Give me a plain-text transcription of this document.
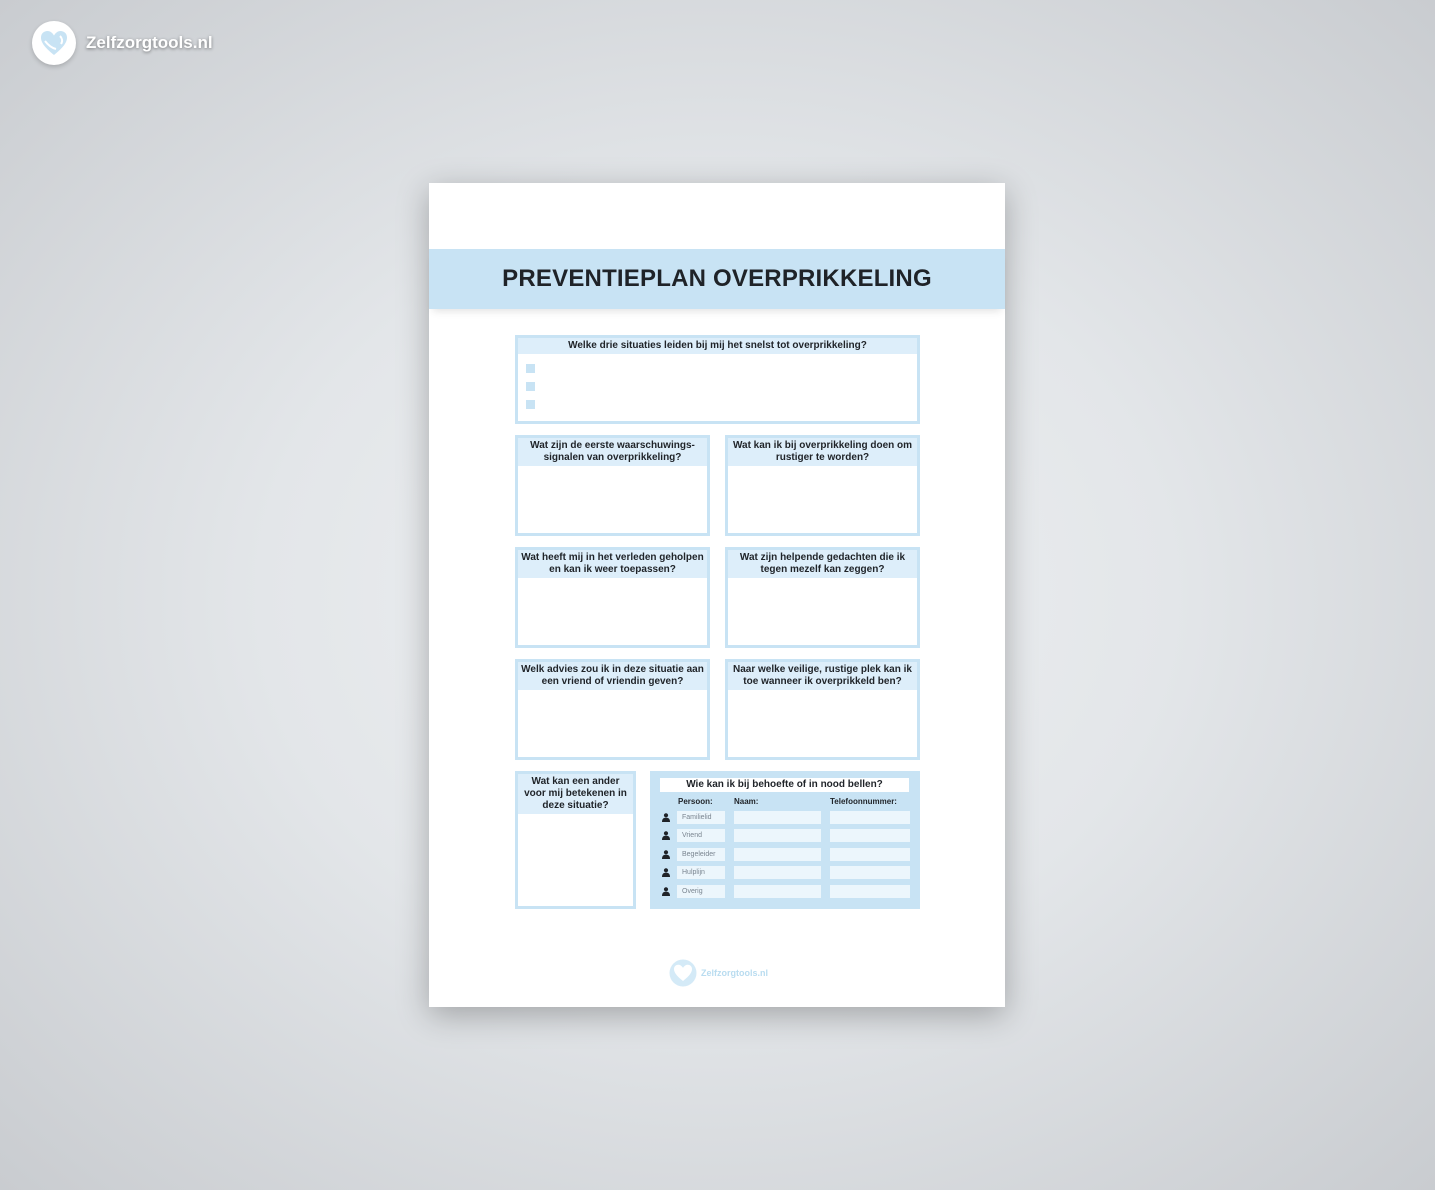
Zelfzorgtools.nl
PREVENTIEPLAN OVERPRIKKELING
Welke drie situaties leiden bij mij het snelst tot overprikkeling?
Wat zijn de eerste waarschuwings-signalen van overprikkeling?
Wat kan ik bij overprikkeling doen om rustiger te worden?
Wat heeft mij in het verleden geholpen en kan ik weer toepassen?
Wat zijn helpende gedachten die ik tegen mezelf kan zeggen?
Welk advies zou ik in deze situatie aan een vriend of vriendin geven?
Naar welke veilige, rustige plek kan ik toe wanneer ik overprikkeld ben?
Wat kan een ander voor mij betekenen in deze situatie?
Wie kan ik bij behoefte of in nood bellen?
Persoon:	Naam:	Telefoonnummer:
Familielid
Vriend
Begeleider
Hulplijn
Overig
Zelfzorgtools.nl
